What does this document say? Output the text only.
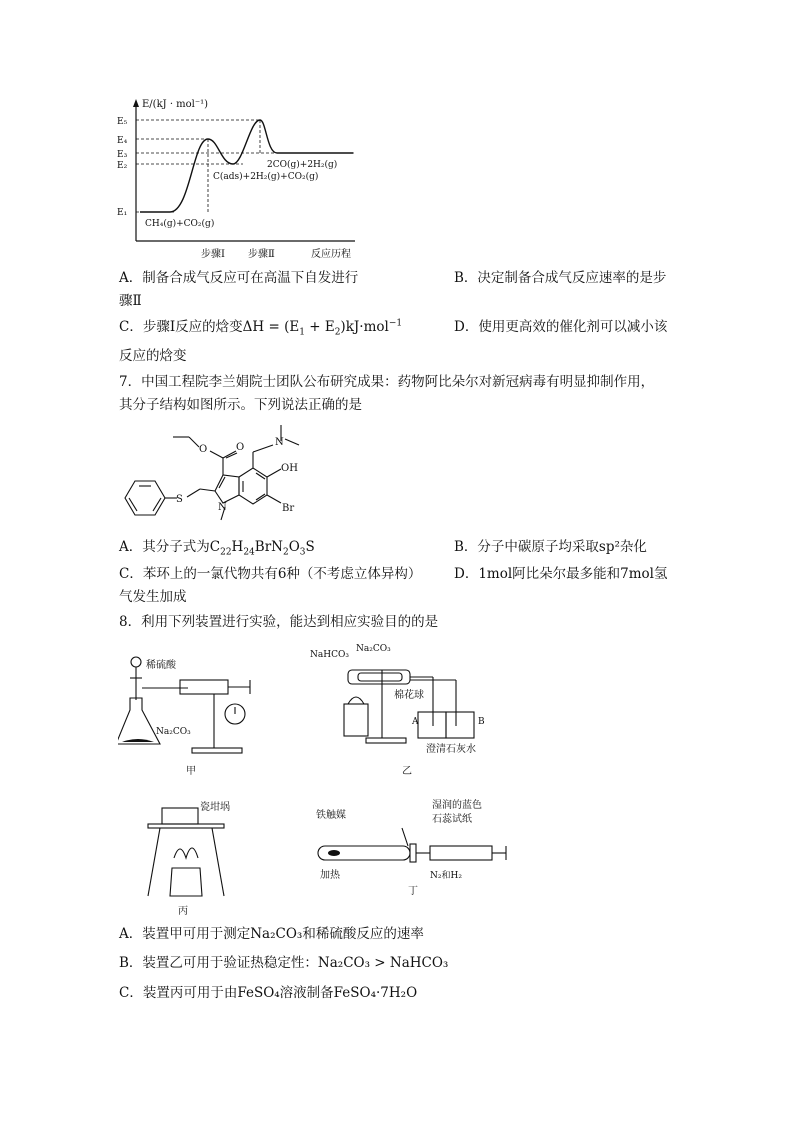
E/(kJ · mol⁻¹)
E₅
E₄
E₃
E₂
E₁
CH₄(g)+CO₂(g)
C(ads)+2H₂(g)+CO₂(g)
2CO(g)+2H₂(g)
步骤Ⅰ 步骤Ⅱ	反应历程
A．制备合成气反应可在高温下自发进行	B．决定制备合成气反应速率的是步
骤Ⅱ
C．步骤Ⅰ反应的焓变$\Delta H = (E_1 + E_2)kJ\cdot mol^{-1}$	D．使用更高效的催化剂可以减小该
反应的焓变
7．中国工程院李兰娟院士团队公布研究成果：药物阿比朵尔对新冠病毒有明显抑制作用，
其分子结构如图所示。下列说法正确的是
S
N
O
O
N
OH
Br
A．其分子式为$C_{22}H_{24}BrN_2O_3S$	B．分子中碳原子均采取sp²杂化
C．苯环上的一氯代物共有6种（不考虑立体异构） D．1mol阿比朵尔最多能和7mol氢
气发生加成
8．利用下列装置进行实验，能达到相应实验目的的是
稀硫酸
Na₂CO₃
甲
NaHCO₃
Na₂CO₃
棉花球
A	B
澄清石灰水
乙
瓷坩埚
丙
铁触媒
加热
湿润的蓝色
石蕊试纸
N₂和H₂
丁
A．装置甲可用于测定Na₂CO₃和稀硫酸反应的速率
B．装置乙可用于验证热稳定性：Na₂CO₃ > NaHCO₃
C．装置丙可用于由FeSO₄溶液制备FeSO₄·7H₂O
